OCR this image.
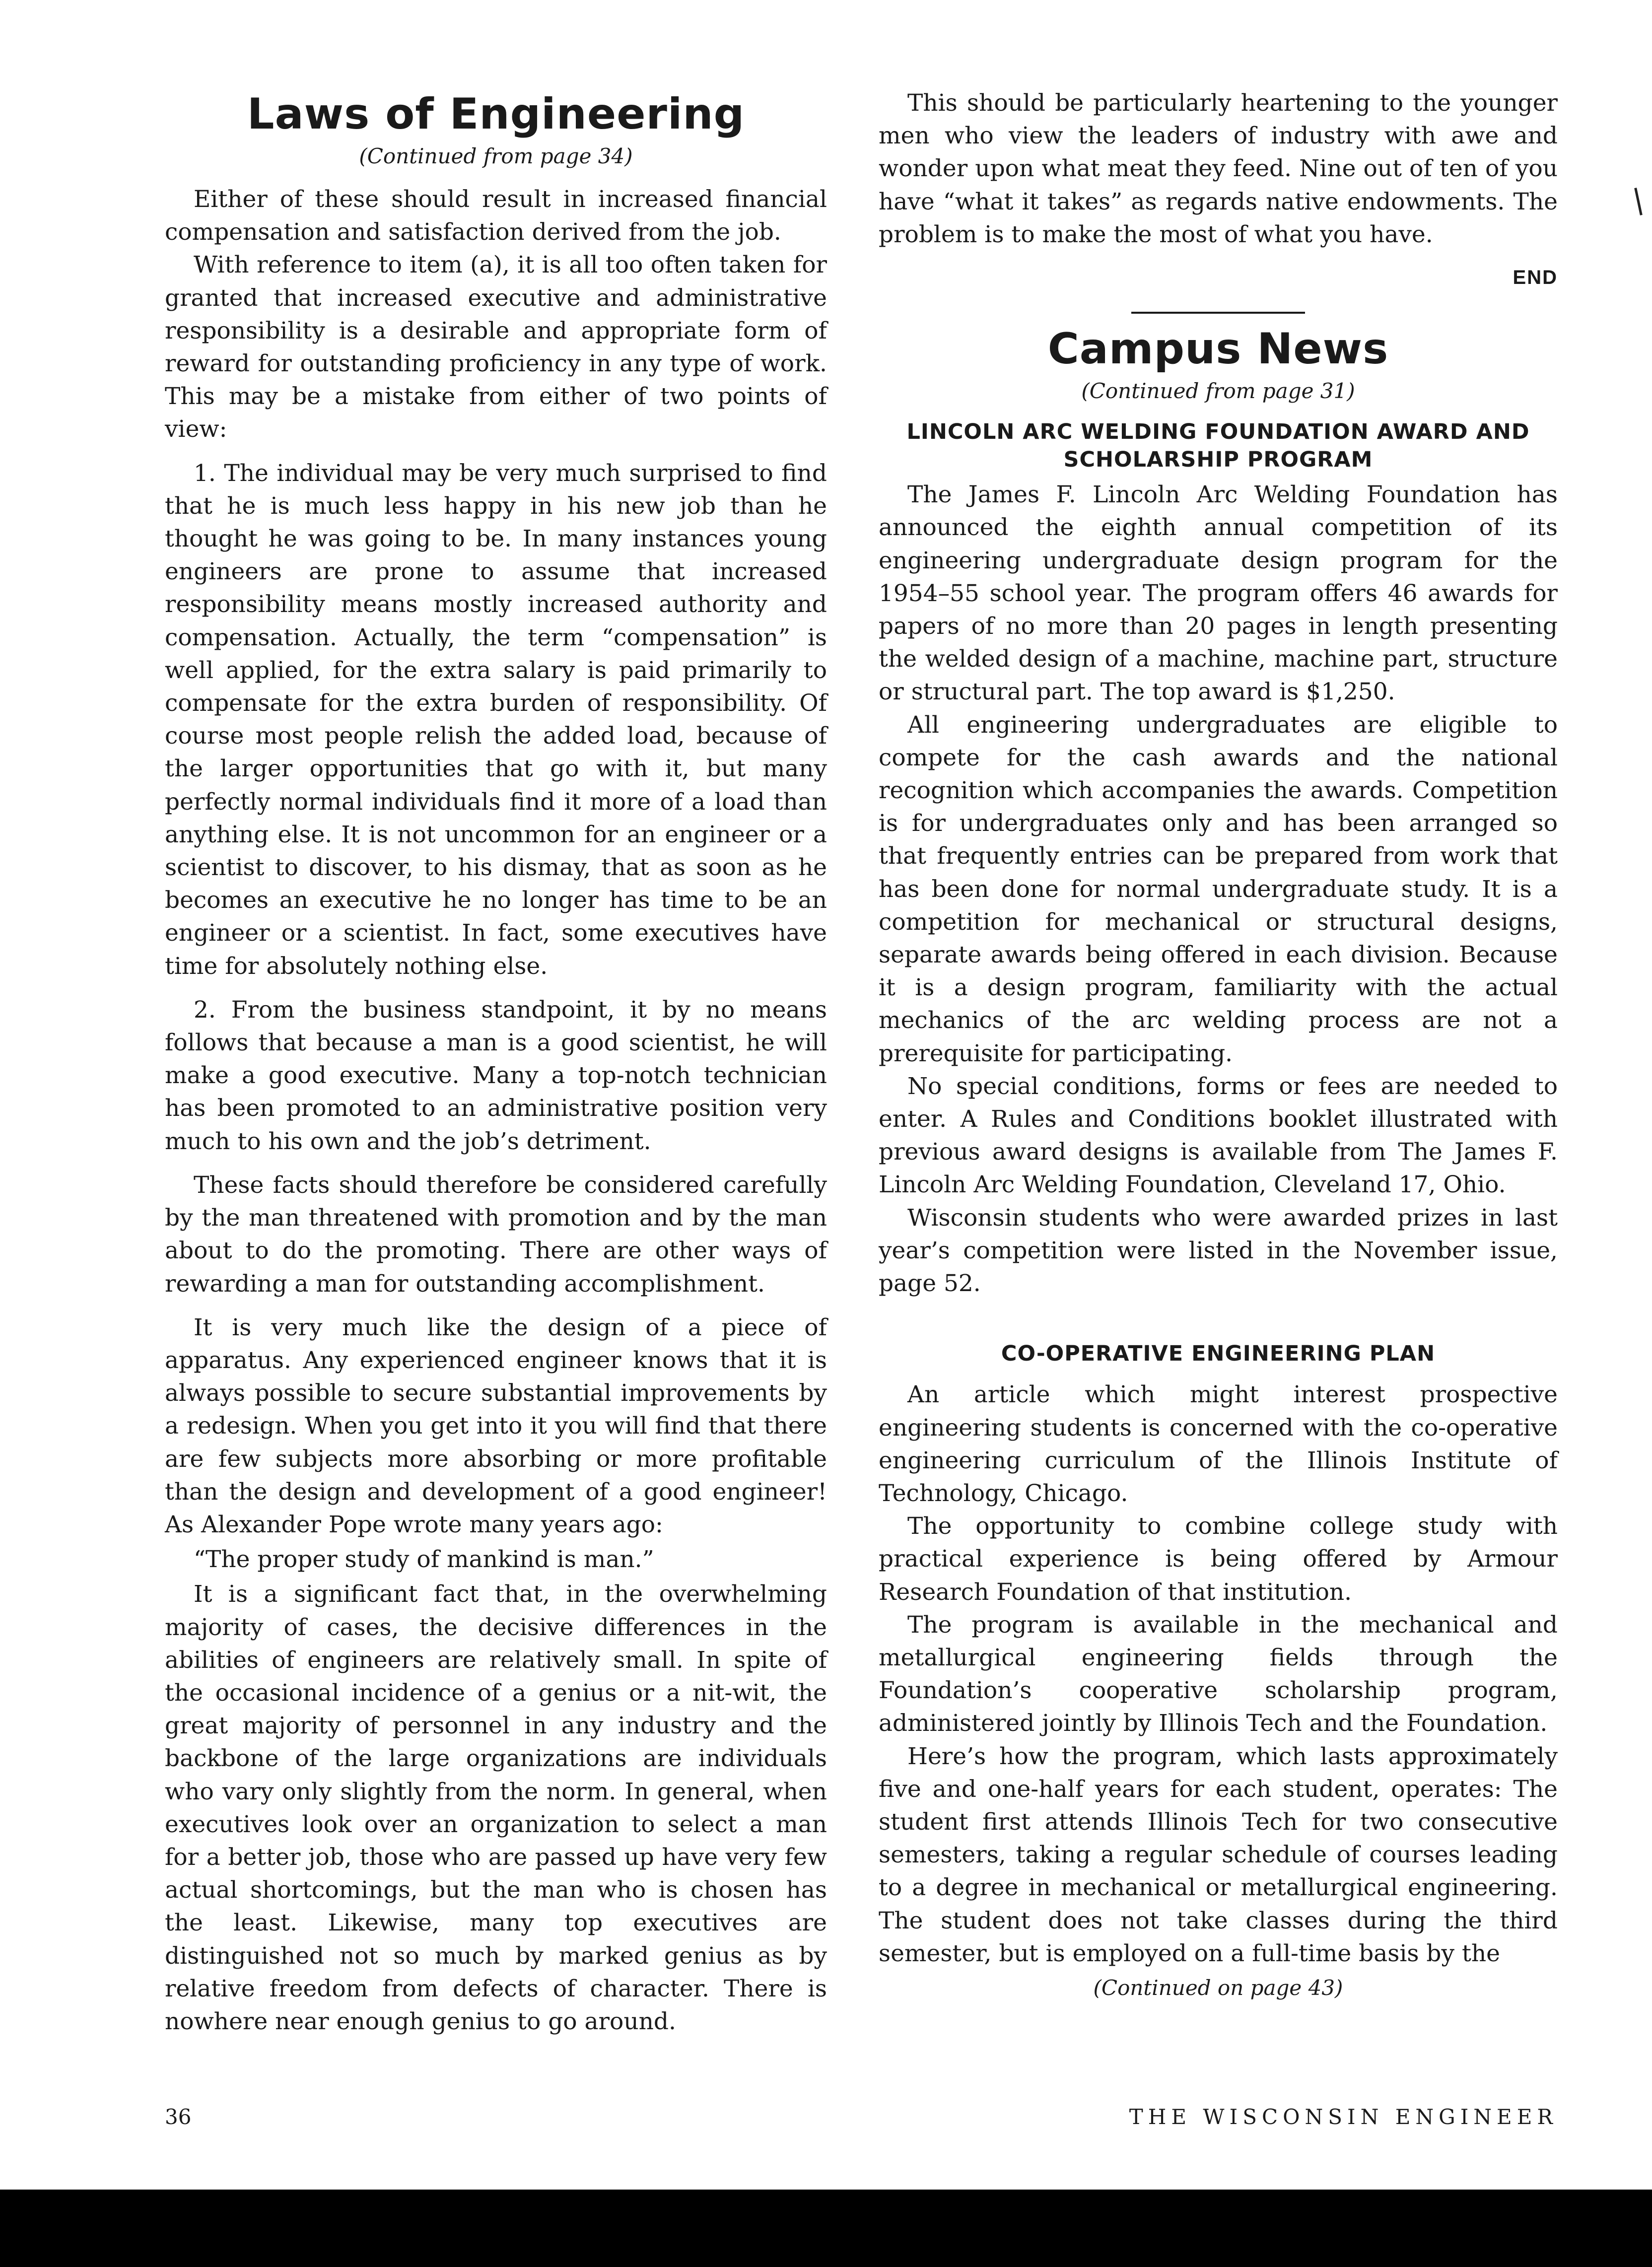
Laws of Engineering
(Continued from page 34)

Either of these should result in increased financial compensation and satisfaction derived from the job.

With reference to item (a), it is all too often taken for granted that increased executive and administrative responsibility is a desirable and appropriate form of reward for outstanding proficiency in any type of work. This may be a mistake from either of two points of view:

1. The individual may be very much surprised to find that he is much less happy in his new job than he thought he was going to be. In many instances young engineers are prone to assume that increased responsibility means mostly increased authority and compensation. Actually, the term “compensation” is well applied, for the extra salary is paid primarily to compensate for the extra burden of responsibility. Of course most people relish the added load, because of the larger opportunities that go with it, but many perfectly normal individuals find it more of a load than anything else. It is not uncommon for an engineer or a scientist to discover, to his dismay, that as soon as he becomes an executive he no longer has time to be an engineer or a scientist. In fact, some executives have time for absolutely nothing else.

2. From the business standpoint, it by no means follows that because a man is a good scientist, he will make a good executive. Many a top-notch technician has been promoted to an administrative position very much to his own and the job’s detriment.

These facts should therefore be considered carefully by the man threatened with promotion and by the man about to do the promoting. There are other ways of rewarding a man for outstanding accomplishment.

It is very much like the design of a piece of apparatus. Any experienced engineer knows that it is always possible to secure substantial improvements by a redesign. When you get into it you will find that there are few subjects more absorbing or more profitable than the design and development of a good engineer! As Alexander Pope wrote many years ago:

“The proper study of mankind is man.”

It is a significant fact that, in the overwhelming majority of cases, the decisive differences in the abilities of engineers are relatively small. In spite of the occasional incidence of a genius or a nit-wit, the great majority of personnel in any industry and the backbone of the large organizations are individuals who vary only slightly from the norm. In general, when executives look over an organization to select a man for a better job, those who are passed up have very few actual shortcomings, but the man who is chosen has the least. Likewise, many top executives are distinguished not so much by marked genius as by relative freedom from defects of character. There is nowhere near enough genius to go around.

This should be particularly heartening to the younger men who view the leaders of industry with awe and wonder upon what meat they feed. Nine out of ten of you have “what it takes” as regards native endowments. The problem is to make the most of what you have.

END
Campus News
(Continued from page 31)
LINCOLN ARC WELDING FOUNDATION AWARD AND SCHOLARSHIP PROGRAM

The James F. Lincoln Arc Welding Foundation has announced the eighth annual competition of its engineering undergraduate design program for the 1954–55 school year. The program offers 46 awards for papers of no more than 20 pages in length presenting the welded design of a machine, machine part, structure or structural part. The top award is $1,250.

All engineering undergraduates are eligible to compete for the cash awards and the national recognition which accompanies the awards. Competition is for undergraduates only and has been arranged so that frequently entries can be prepared from work that has been done for normal undergraduate study. It is a competition for mechanical or structural designs, separate awards being offered in each division. Because it is a design program, familiarity with the actual mechanics of the arc welding process are not a prerequisite for participating.

No special conditions, forms or fees are needed to enter. A Rules and Conditions booklet illustrated with previous award designs is available from The James F. Lincoln Arc Welding Foundation, Cleveland 17, Ohio.

Wisconsin students who were awarded prizes in last year’s competition were listed in the November issue, page 52.

CO-OPERATIVE ENGINEERING PLAN

An article which might interest prospective engineering students is concerned with the co-operative engineering curriculum of the Illinois Institute of Technology, Chicago.

The opportunity to combine college study with practical experience is being offered by Armour Research Foundation of that institution.

The program is available in the mechanical and metallurgical engineering fields through the Foundation’s cooperative scholarship program, administered jointly by Illinois Tech and the Foundation.

Here’s how the program, which lasts approximately five and one-half years for each student, operates: The student first attends Illinois Tech for two consecutive semesters, taking a regular schedule of courses leading to a degree in mechanical or metallurgical engineering. The student does not take classes during the third semester, but is employed on a full-time basis by the

(Continued on page 43)
36	THE WISCONSIN ENGINEER
